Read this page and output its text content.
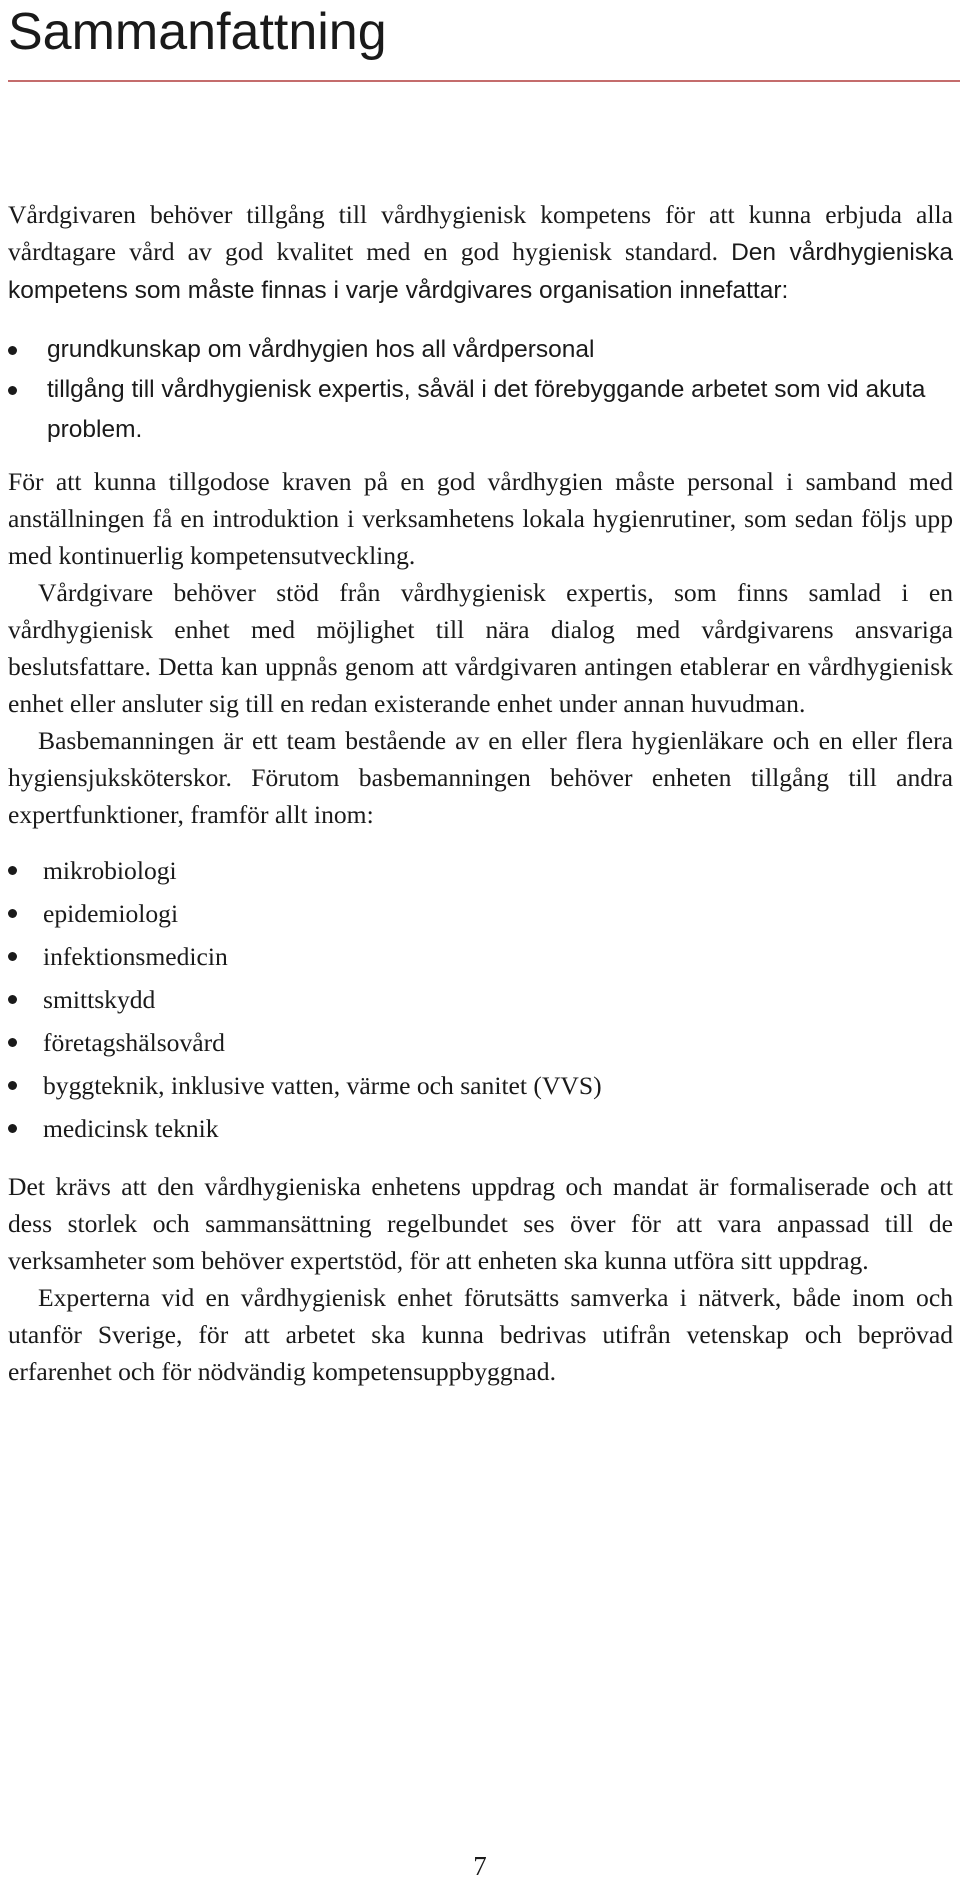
Sammanfattning

Vårdgivaren behöver tillgång till vårdhygienisk kompetens för att kunna erbjuda alla vårdtagare vård av god kvalitet med en god hygienisk standard. Den vårdhygieniska kompetens som måste finnas i varje vårdgivares organisation innefattar:

grundkunskap om vårdhygien hos all vårdpersonal
tillgång till vårdhygienisk expertis, såväl i det förebyggande arbetet som vid akuta problem.

För att kunna tillgodose kraven på en god vårdhygien måste personal i samband med anställningen få en introduktion i verksamhetens lokala hygienrutiner, som sedan följs upp med kontinuerlig kompetensutveckling.

Vårdgivare behöver stöd från vårdhygienisk expertis, som finns samlad i en vårdhygienisk enhet med möjlighet till nära dialog med vårdgivarens ansvariga beslutsfattare. Detta kan uppnås genom att vårdgivaren antingen etablerar en vårdhygienisk enhet eller ansluter sig till en redan existerande enhet under annan huvudman.

Basbemanningen är ett team bestående av en eller flera hygienläkare och en eller flera hygiensjuksköterskor. Förutom basbemanningen behöver enheten tillgång till andra expertfunktioner, framför allt inom:

mikrobiologi
epidemiologi
infektionsmedicin
smittskydd
företagshälsovård
byggteknik, inklusive vatten, värme och sanitet (VVS)
medicinsk teknik

Det krävs att den vårdhygieniska enhetens uppdrag och mandat är formaliserade och att dess storlek och sammansättning regelbundet ses över för att vara anpassad till de verksamheter som behöver expertstöd, för att enheten ska kunna utföra sitt uppdrag.

Experterna vid en vårdhygienisk enhet förutsätts samverka i nätverk, både inom och utanför Sverige, för att arbetet ska kunna bedrivas utifrån vetenskap och beprövad erfarenhet och för nödvändig kompetensuppbyggnad.

7
